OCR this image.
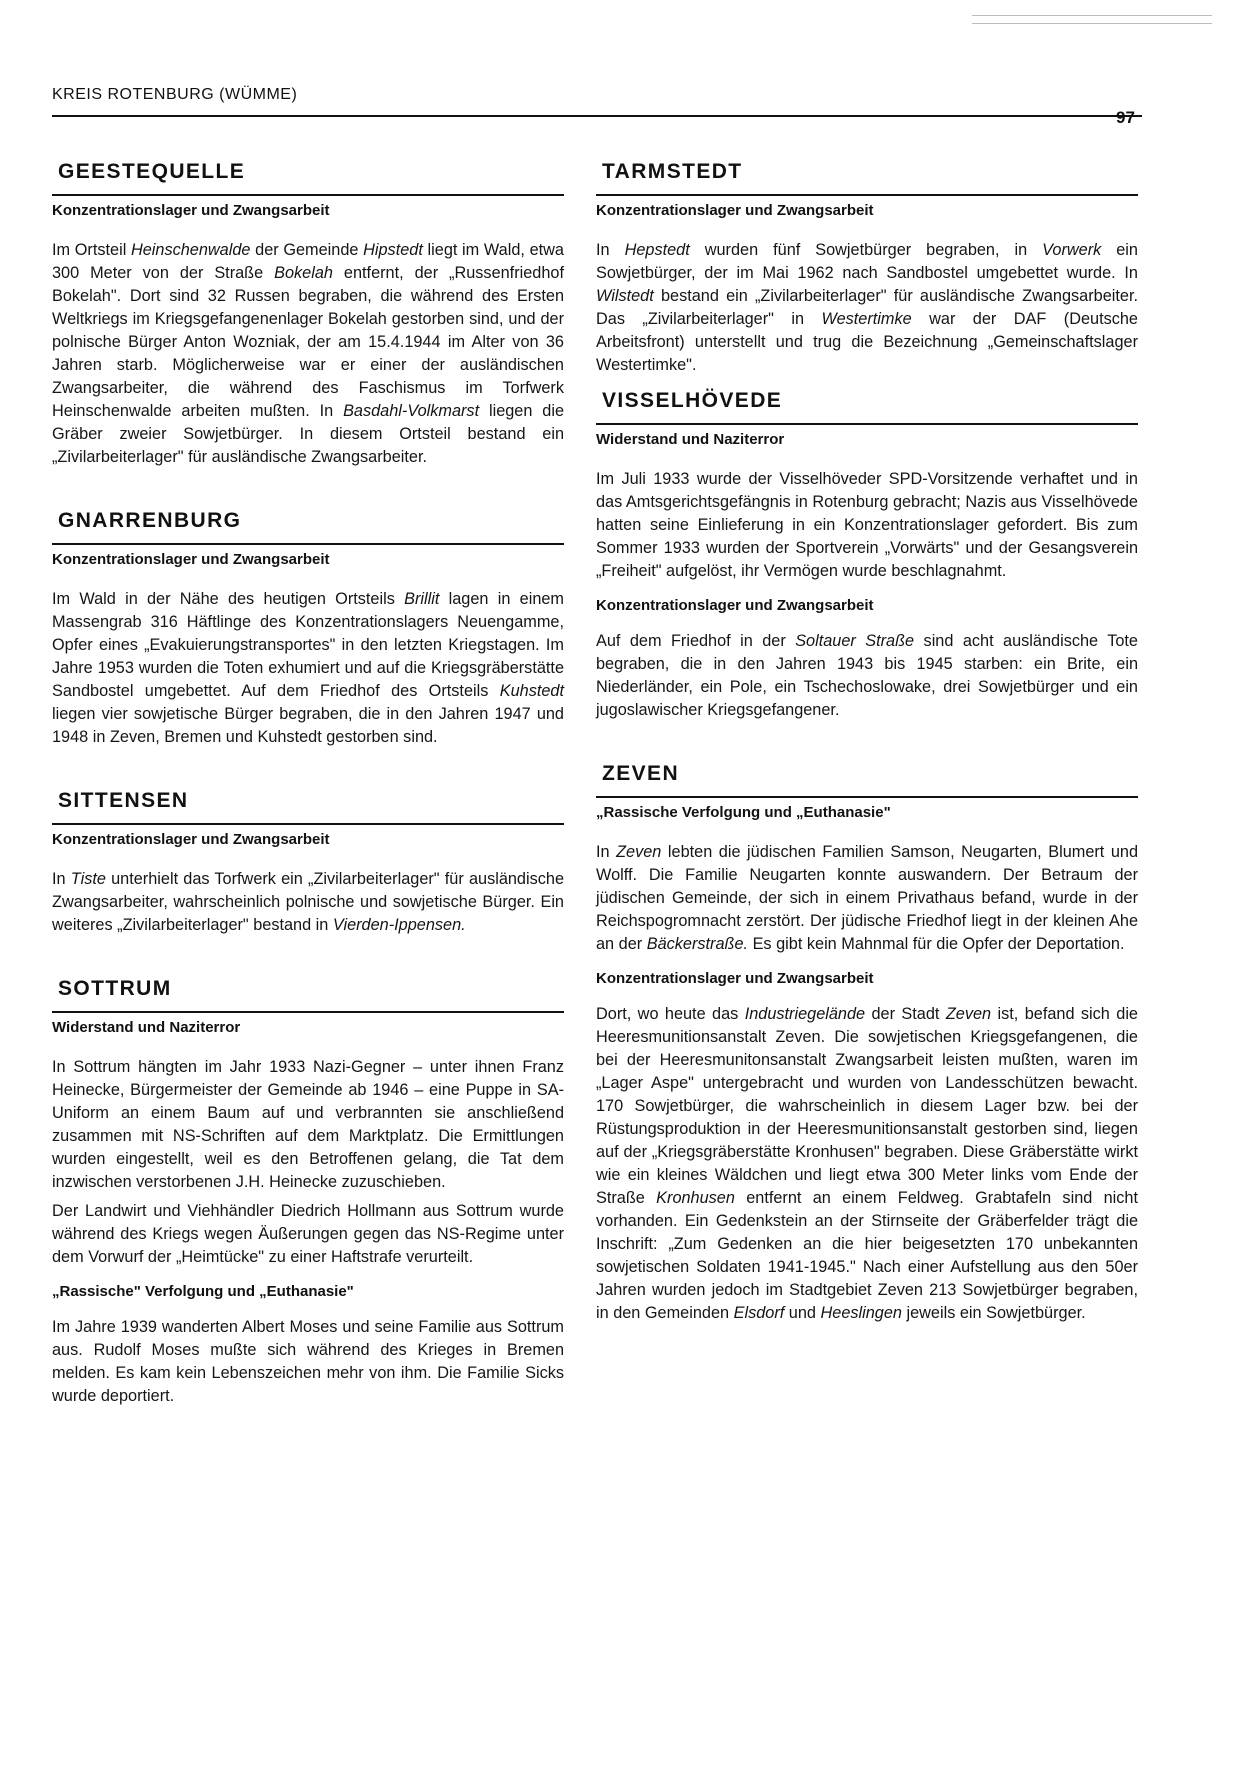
KREIS ROTENBURG (WÜMME)
97
GEESTEQUELLE
Konzentrationslager und Zwangsarbeit

Im Ortsteil Heinschenwalde der Gemeinde Hipstedt liegt im Wald, etwa 300 Meter von der Straße Bokelah entfernt, der „Russenfriedhof Bokelah". Dort sind 32 Russen begraben, die während des Ersten Weltkriegs im Kriegsgefangenenlager Bokelah gestorben sind, und der polnische Bürger Anton Wozniak, der am 15.4.1944 im Alter von 36 Jahren starb. Möglicherweise war er einer der ausländischen Zwangsarbeiter, die während des Faschismus im Torfwerk Heinschenwalde arbeiten mußten. In Basdahl-Volkmarst liegen die Gräber zweier Sowjetbürger. In diesem Ortsteil bestand ein „Zivilarbeiterlager" für ausländische Zwangsarbeiter.

GNARRENBURG
Konzentrationslager und Zwangsarbeit

Im Wald in der Nähe des heutigen Ortsteils Brillit lagen in einem Massengrab 316 Häftlinge des Konzentrationslagers Neuengamme, Opfer eines „Evakuierungstransportes" in den letzten Kriegstagen. Im Jahre 1953 wurden die Toten exhumiert und auf die Kriegsgräberstätte Sandbostel umgebettet. Auf dem Friedhof des Ortsteils Kuhstedt liegen vier sowjetische Bürger begraben, die in den Jahren 1947 und 1948 in Zeven, Bremen und Kuhstedt gestorben sind.

SITTENSEN
Konzentrationslager und Zwangsarbeit

In Tiste unterhielt das Torfwerk ein „Zivilarbeiterlager" für ausländische Zwangsarbeiter, wahrscheinlich polnische und sowjetische Bürger. Ein weiteres „Zivilarbeiterlager" bestand in Vierden-Ippensen.

SOTTRUM
Widerstand und Naziterror

In Sottrum hängten im Jahr 1933 Nazi-Gegner – unter ihnen Franz Heinecke, Bürgermeister der Gemeinde ab 1946 – eine Puppe in SA-Uniform an einem Baum auf und verbrannten sie anschließend zusammen mit NS-Schriften auf dem Marktplatz. Die Ermittlungen wurden eingestellt, weil es den Betroffenen gelang, die Tat dem inzwischen verstorbenen J.H. Heinecke zuzuschieben.

Der Landwirt und Viehhändler Diedrich Hollmann aus Sottrum wurde während des Kriegs wegen Äußerungen gegen das NS-Regime unter dem Vorwurf der „Heimtücke" zu einer Haftstrafe verurteilt.

„Rassische" Verfolgung und „Euthanasie"

Im Jahre 1939 wanderten Albert Moses und seine Familie aus Sottrum aus. Rudolf Moses mußte sich während des Krieges in Bremen melden. Es kam kein Lebenszeichen mehr von ihm. Die Familie Sicks wurde deportiert.

TARMSTEDT
Konzentrationslager und Zwangsarbeit

In Hepstedt wurden fünf Sowjetbürger begraben, in Vorwerk ein Sowjetbürger, der im Mai 1962 nach Sandbostel umgebettet wurde. In Wilstedt bestand ein „Zivilarbeiterlager" für ausländische Zwangsarbeiter. Das „Zivilarbeiterlager" in Westertimke war der DAF (Deutsche Arbeitsfront) unterstellt und trug die Bezeichnung „Gemeinschaftslager Westertimke".

VISSELHÖVEDE
Widerstand und Naziterror

Im Juli 1933 wurde der Visselhöveder SPD-Vorsitzende verhaftet und in das Amtsgerichtsgefängnis in Rotenburg gebracht; Nazis aus Visselhövede hatten seine Einlieferung in ein Konzentrationslager gefordert. Bis zum Sommer 1933 wurden der Sportverein „Vorwärts" und der Gesangsverein „Freiheit" aufgelöst, ihr Vermögen wurde beschlagnahmt.

Konzentrationslager und Zwangsarbeit

Auf dem Friedhof in der Soltauer Straße sind acht ausländische Tote begraben, die in den Jahren 1943 bis 1945 starben: ein Brite, ein Niederländer, ein Pole, ein Tschechoslowake, drei Sowjetbürger und ein jugoslawischer Kriegsgefangener.

ZEVEN
„Rassische Verfolgung und „Euthanasie"

In Zeven lebten die jüdischen Familien Samson, Neugarten, Blumert und Wolff. Die Familie Neugarten konnte auswandern. Der Betraum der jüdischen Gemeinde, der sich in einem Privathaus befand, wurde in der Reichspogromnacht zerstört. Der jüdische Friedhof liegt in der kleinen Ahe an der Bäckerstraße. Es gibt kein Mahnmal für die Opfer der Deportation.

Konzentrationslager und Zwangsarbeit

Dort, wo heute das Industriegelände der Stadt Zeven ist, befand sich die Heeresmunitionsanstalt Zeven. Die sowjetischen Kriegsgefangenen, die bei der Heeresmunitonsanstalt Zwangsarbeit leisten mußten, waren im „Lager Aspe" untergebracht und wurden von Landesschützen bewacht. 170 Sowjetbürger, die wahrscheinlich in diesem Lager bzw. bei der Rüstungsproduktion in der Heeresmunitionsanstalt gestorben sind, liegen auf der „Kriegsgräberstätte Kronhusen" begraben. Diese Gräberstätte wirkt wie ein kleines Wäldchen und liegt etwa 300 Meter links vom Ende der Straße Kronhusen entfernt an einem Feldweg. Grabtafeln sind nicht vorhanden. Ein Gedenkstein an der Stirnseite der Gräberfelder trägt die Inschrift: „Zum Gedenken an die hier beigesetzten 170 unbekannten sowjetischen Soldaten 1941-1945." Nach einer Aufstellung aus den 50er Jahren wurden jedoch im Stadtgebiet Zeven 213 Sowjetbürger begraben, in den Gemeinden Elsdorf und Heeslingen jeweils ein Sowjetbürger.
